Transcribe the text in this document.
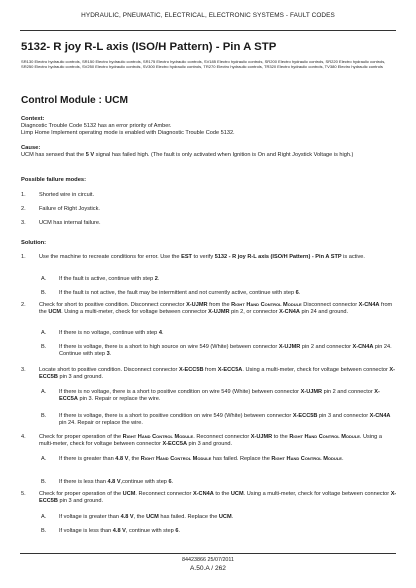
HYDRAULIC, PNEUMATIC, ELECTRICAL, ELECTRONIC SYSTEMS - FAULT CODES
5132- R joy R-L axis (ISO/H Pattern) - Pin A STP
SR130 Electro hydraulic controls, SR150 Electro hydraulic controls, SR175 Electro hydraulic controls, SV185 Electro hydraulic controls, SR200 Electro hydraulic controls, SR220 Electro hydraulic controls, SR250 Electro hydraulic controls, SV250 Electro hydraulic controls, SV300 Electro hydraulic controls, TR270 Electro hydraulic controls, TR320 Electro hydraulic controls, TV380 Electro hydraulic controls
Control Module : UCM
Context:
Diagnostic Trouble Code 5132 has an error priority of Amber.
Limp Home Implement operating mode is enabled with Diagnostic Trouble Code 5132.
Cause:
UCM has sensed that the 5 V signal has failed high. (The fault is only activated when Ignition is On and Right Joystick Voltage is high.)
Possible failure modes:
1. Shorted wire in circuit.
2. Failure of Right Joystick.
3. UCM has internal failure.
Solution:
1. Use the machine to recreate conditions for error. Use the EST to verify 5132 - R joy R-L axis (ISO/H Pattern) - Pin A STP is active.
A. If the fault is active, continue with step 2.
B. If the fault is not active, the fault may be intermittent and not currently active, continue with step 6.
2. Check for short to positive condition. Disconnect connector X-UJMR from the Right Hand Control Module Disconnect connector X-CN4A from the UCM. Using a multi-meter, check for voltage between connector X-UJMR pin 2, or connector X-CN4A pin 24 and ground.
A. If there is no voltage, continue with step 4.
B. If there is voltage, there is a short to high source on wire 549 (White) between connector X-UJMR pin 2 and connector X-CN4A pin 24. Continue with step 3.
3. Locate short to positive condition. Disconnect connector X-ECC5B from X-ECC5A. Using a multi-meter, check for voltage between connector X-ECC5B pin 3 and ground.
A. If there is no voltage, there is a short to positive condition on wire 549 (White) between connector X-UJMR pin 2 and connector X-ECC5A pin 3. Repair or replace the wire.
B. If there is voltage, there is a short to positive condition on wire 549 (White) between connector X-ECC5B pin 3 and connector X-CN4A pin 24. Repair or replace the wire.
4. Check for proper operation of the Right Hand Control Module. Reconnect connector X-UJMR to the Right Hand Control Module. Using a multi-meter, check for voltage between connector X-ECC5A pin 3 and ground.
A. If there is greater than 4.8 V, the Right Hand Control Module has failed. Replace the Right Hand Control Module.
B. If there is less than 4.8 V,continue with step 6.
5. Check for proper operation of the UCM. Reconnect connector X-CN4A to the UCM. Using a multi-meter, check for voltage between connector X-ECC5B pin 3 and ground.
A. If voltage is greater than 4.8 V, the UCM has failed. Replace the UCM.
B. If voltage is less than 4.8 V, continue with step 6.
84423866 25/07/2011
A.50.A / 262
